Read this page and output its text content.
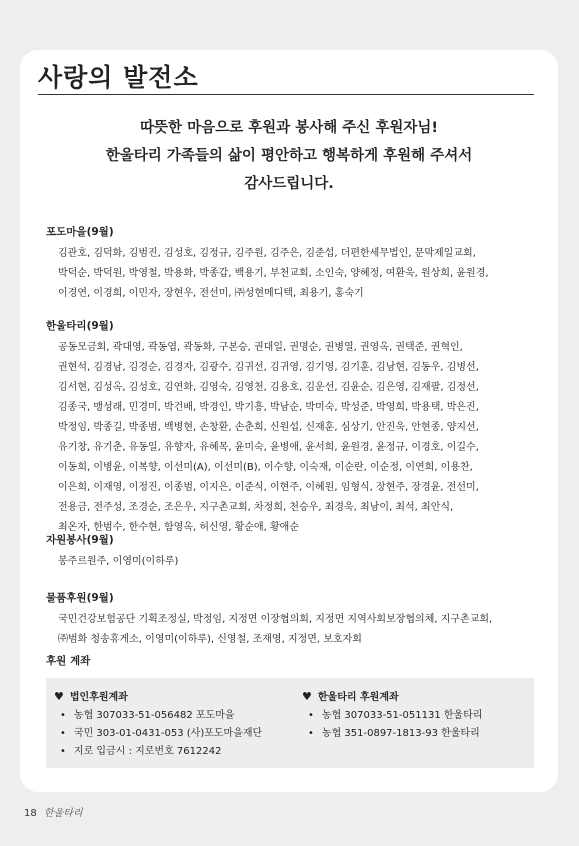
사랑의 발전소
따뜻한 마음으로 후원과 봉사해 주신 후원자님!
한울타리 가족들의 삶이 평안하고 행복하게 후원해 주셔서
감사드립니다.
포도마을(9월)
김관호, 김덕화, 김범진, 김성호, 김정규, 김주원, 김주은, 김준섭, 더편한세무법인, 문막제일교회,
박덕순, 박덕원, 박영철, 박용화, 박종갑, 백용기, 부천교회, 소인숙, 양혜정, 여환욱, 원상희, 윤원경,
이경연, 이경희, 이민자, 장현우, 전선미, ㈜성현메디텍, 최용기, 홍숙기
한울타리(9월)
공동모금회, 곽대영, 곽동엽, 곽동화, 구본승, 권대일, 권명순, 권병열, 권영옥, 권택준, 권혁인,
권현석, 김경남, 김경순, 김경자, 김광수, 김귀선, 김귀영, 김기영, 김기훈, 김남현, 김동우, 김병선,
김서현, 김성옥, 김성호, 김연화, 김영숙, 김영천, 김용호, 김운선, 김윤순, 김은영, 김재팔, 김정선,
김종국, 맹성래, 민경미, 박건배, 박경인, 박기흥, 박남순, 박미숙, 박성준, 박영희, 박용택, 박은진,
박정임, 박종길, 박종범, 백병현, 손창환, 손춘희, 신원섭, 신재훈, 심상기, 안진욱, 안현종, 양지선,
유기창, 유기춘, 유동일, 유향자, 유혜목, 윤미숙, 윤병애, 윤서희, 윤원경, 윤정규, 이경호, 이길수,
이동희, 이병윤, 이복향, 이선미(A), 이선미(B), 이수향, 이숙재, 이순란, 이순정, 이연희, 이용찬,
이은희, 이재영, 이정진, 이종범, 이지은, 이준식, 이현주, 이혜원, 임형식, 장현주, 장경윤, 전선미,
전용금, 전주성, 조경순, 조은우, 지구촌교회, 차정희, 천승우, 최경욱, 최남이, 최석, 최안식,
최온자, 한범수, 한수현, 함영옥, 허신영, 황순애, 황애순
자원봉사(9월)
봉주르원주, 이영미(이하루)
물품후원(9월)
국민건강보험공단 기획조정실, 박정임, 지정면 이장협의회, 지정면 지역사회보장협의체, 지구촌교회,
㈜범화 청송휴게소, 이영미(이하루), 신영철, 조재영, 지정면, 보호자회
후원 계좌
♥ 법인후원계좌
• 농협 307033-51-056482 포도마을
• 국민 303-01-0431-053 (사)포도마을재단
• 지로 입금시 : 지로번호 7612242
♥ 한울타리 후원계좌
• 농협 307033-51-051131 한울타리
• 농협 351-0897-1813-93 한울타리
18 한울타리
